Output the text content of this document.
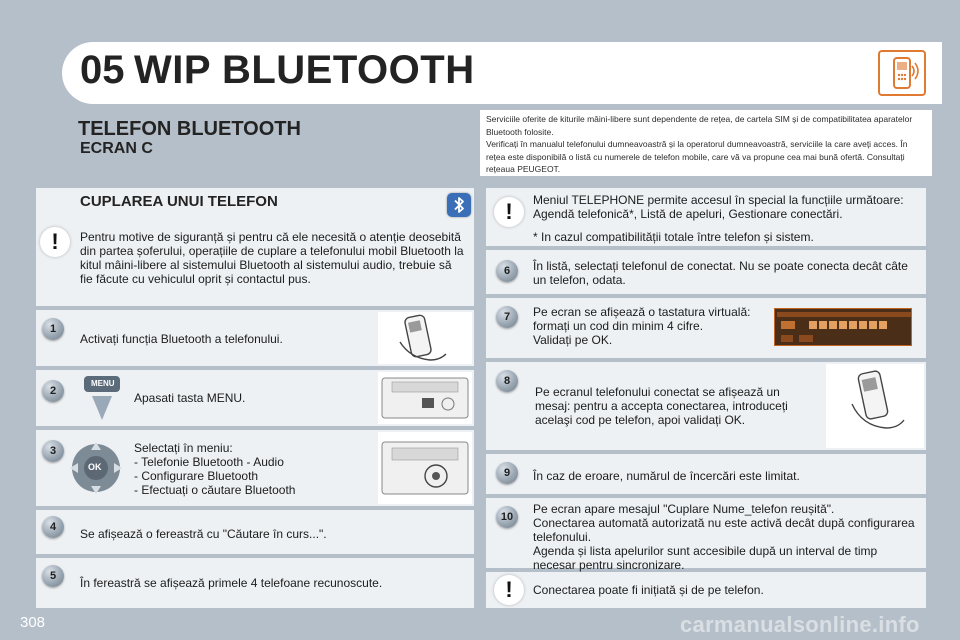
05 WIP BLUETOOTH
TELEFON BLUETOOTH
ECRAN C

Serviciile oferite de kiturile mâini-libere sunt dependente de rețea, de cartela SIM și de compatibilitatea aparatelor Bluetooth folosite.

Verificați în manualul telefonului dumneavoastră și la operatorul dumneavoastră, serviciile la care aveți acces. În rețea este disponibilă o listă cu numerele de telefon mobile, care vă va propune cea mai bună ofertă. Consultați rețeaua PEUGEOT.

CUPLAREA UNUI TELEFON
!	Pentru motive de siguranță și pentru că ele necesită o atenție deosebită din partea șoferului, operațiile de cuplare a telefonului mobil Bluetooth la kitul mâini-libere al sistemului Bluetooth al sistemului audio, trebuie să fie făcute cu vehiculul oprit și contactul pus.
1
Activați funcția Bluetooth a telefonului.
2
MENU
Apasati tasta MENU.
3
OK

Selectați în meniu:

- Telefonie Bluetooth - Audio
- Configurare Bluetooth
- Efectuați o căutare Bluetooth
4	Se afișează o fereastră cu "Căutare în curs...".
5	În fereastră se afișează primele 4 telefoane recunoscute.
!	Meniul TELEPHONE permite accesul în special la funcțiile următoare: Agendă telefonică*, Listă de apeluri, Gestionare conectări.
* In cazul compatibilității totale între telefon și sistem.
6	În listă, selectați telefonul de conectat. Nu se poate conecta decât câte un telefon, odata.
7	Pe ecran se afișează o tastatura virtuală:

formați un cod din minim 4 cifre.

Validați pe OK.

8
Pe ecranul telefonului conectat se afișează un mesaj: pentru a accepta conectarea, introduceți acelaşi cod pe telefon, apoi validați OK.
9	În caz de eroare, numărul de încercări este limitat.
10

Pe ecran apare mesajul "Cuplare Nume_telefon reușită".

Conectarea automată autorizată nu este activă decât după configurarea telefonului.

Agenda și lista apelurilor sunt accesibile după un interval de timp necesar pentru sincronizare.

!	Conectarea poate fi inițiată și de pe telefon.
308	carmanualsonline.info
